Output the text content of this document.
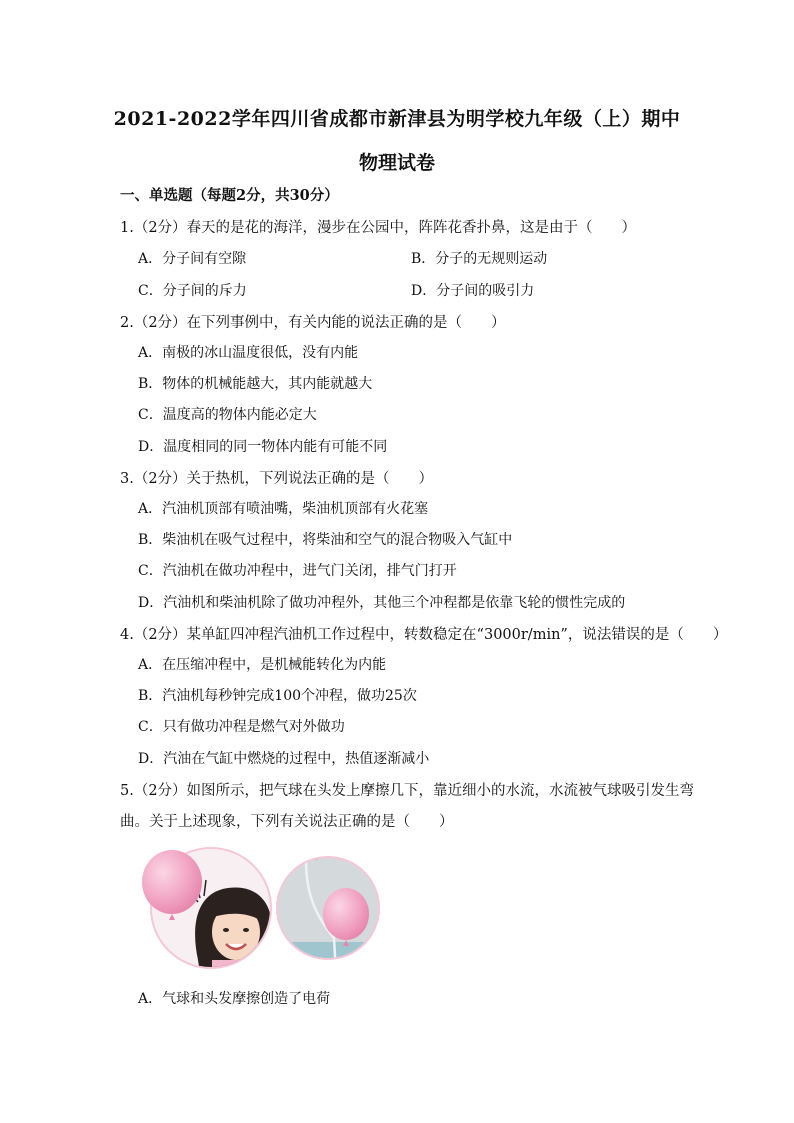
2021-2022学年四川省成都市新津县为明学校九年级（上）期中
物理试卷
一、单选题（每题2分，共30分）
1.（2分）春天的是花的海洋，漫步在公园中，阵阵花香扑鼻，这是由于（　　）
A．分子间有空隙	B．分子的无规则运动
C．分子间的斥力	D．分子间的吸引力
2.（2分）在下列事例中，有关内能的说法正确的是（　　）
A．南极的冰山温度很低，没有内能
B．物体的机械能越大，其内能就越大
C．温度高的物体内能必定大
D．温度相同的同一物体内能有可能不同
3.（2分）关于热机，下列说法正确的是（　　）
A．汽油机顶部有喷油嘴，柴油机顶部有火花塞
B．柴油机在吸气过程中，将柴油和空气的混合物吸入气缸中
C．汽油机在做功冲程中，进气门关闭，排气门打开
D．汽油机和柴油机除了做功冲程外，其他三个冲程都是依靠飞轮的惯性完成的
4.（2分）某单缸四冲程汽油机工作过程中，转数稳定在“3000r/min”，说法错误的是（　　）
A．在压缩冲程中，是机械能转化为内能
B．汽油机每秒钟完成100个冲程，做功25次
C．只有做功冲程是燃气对外做功
D．汽油在气缸中燃烧的过程中，热值逐渐减小
5.（2分）如图所示，把气球在头发上摩擦几下，靠近细小的水流，水流被气球吸引发生弯
曲。关于上述现象，下列有关说法正确的是（　　）
A．气球和头发摩擦创造了电荷
